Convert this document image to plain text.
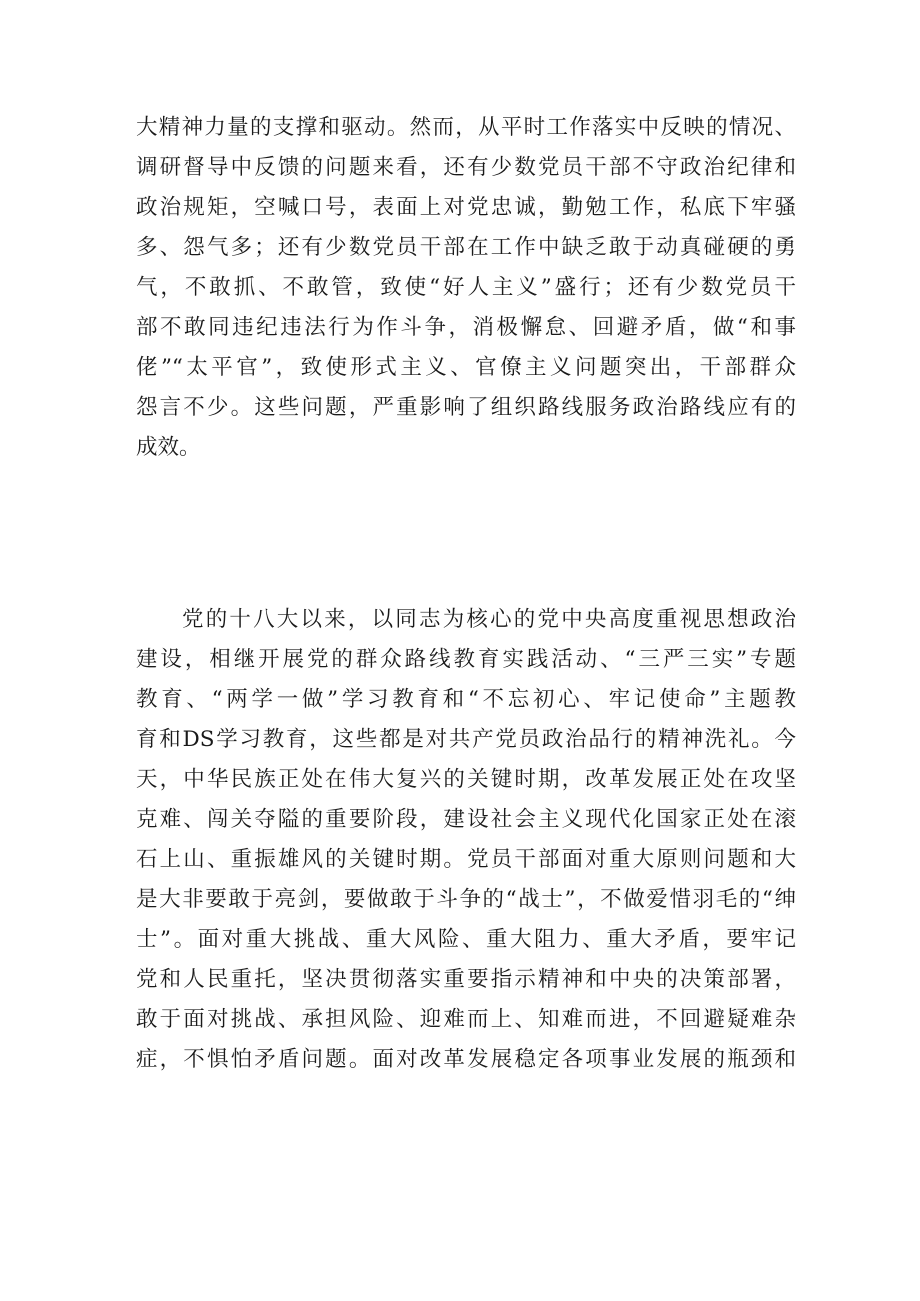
大精神力量的支撑和驱动。然而，从平时工作落实中反映的情况、
调研督导中反馈的问题来看，还有少数党员干部不守政治纪律和
政治规矩，空喊口号，表面上对党忠诚，勤勉工作，私底下牢骚
多、怨气多；还有少数党员干部在工作中缺乏敢于动真碰硬的勇
气，不敢抓、不敢管，致使“好人主义”盛行；还有少数党员干
部不敢同违纪违法行为作斗争，消极懈怠、回避矛盾，做“和事
佬”“太平官”，致使形式主义、官僚主义问题突出，干部群众
怨言不少。这些问题，严重影响了组织路线服务政治路线应有的
成效。
党的十八大以来，以同志为核心的党中央高度重视思想政治
建设，相继开展党的群众路线教育实践活动、“三严三实”专题
教育、“两学一做”学习教育和“不忘初心、牢记使命”主题教
育和DS学习教育，这些都是对共产党员政治品行的精神洗礼。今
天，中华民族正处在伟大复兴的关键时期，改革发展正处在攻坚
克难、闯关夺隘的重要阶段，建设社会主义现代化国家正处在滚
石上山、重振雄风的关键时期。党员干部面对重大原则问题和大
是大非要敢于亮剑，要做敢于斗争的“战士”，不做爱惜羽毛的“绅
士”。面对重大挑战、重大风险、重大阻力、重大矛盾，要牢记
党和人民重托，坚决贯彻落实重要指示精神和中央的决策部署，
敢于面对挑战、承担风险、迎难而上、知难而进，不回避疑难杂
症，不惧怕矛盾问题。面对改革发展稳定各项事业发展的瓶颈和
